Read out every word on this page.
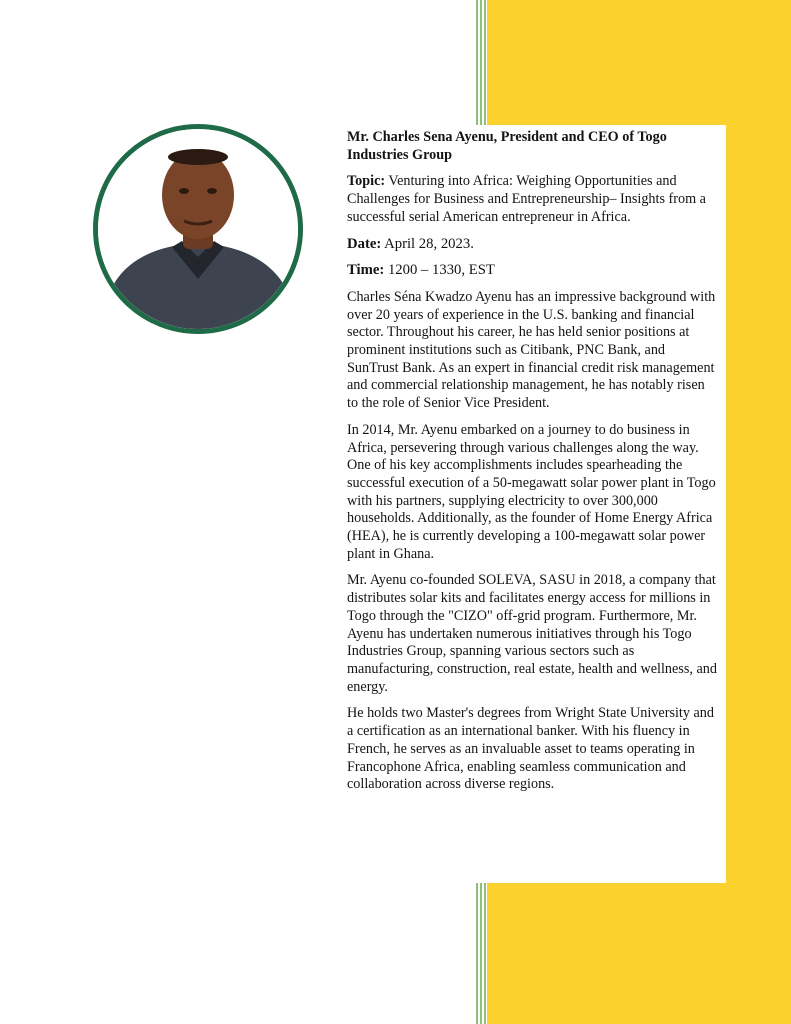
Mr. Charles Sena Ayenu, President and CEO of Togo Industries Group

Topic: Venturing into Africa: Weighing Opportunities and Challenges for Business and Entrepreneurship– Insights from a successful serial American entrepreneur in Africa.

Date: April 28, 2023.

Time: 1200 – 1330, EST

Charles Séna Kwadzo Ayenu has an impressive background with over 20 years of experience in the U.S. banking and financial sector. Throughout his career, he has held senior positions at prominent institutions such as Citibank, PNC Bank, and SunTrust Bank. As an expert in financial credit risk management and commercial relationship management, he has notably risen to the role of Senior Vice President.

In 2014, Mr. Ayenu embarked on a journey to do business in Africa, persevering through various challenges along the way. One of his key accomplishments includes spearheading the successful execution of a 50-megawatt solar power plant in Togo with his partners, supplying electricity to over 300,000 households. Additionally, as the founder of Home Energy Africa (HEA), he is currently developing a 100-megawatt solar power plant in Ghana.

Mr. Ayenu co-founded SOLEVA, SASU in 2018, a company that distributes solar kits and facilitates energy access for millions in Togo through the "CIZO" off-grid program. Furthermore, Mr. Ayenu has undertaken numerous initiatives through his Togo Industries Group, spanning various sectors such as manufacturing, construction, real estate, health and wellness, and energy.

He holds two Master's degrees from Wright State University and a certification as an international banker. With his fluency in French, he serves as an invaluable asset to teams operating in Francophone Africa, enabling seamless communication and collaboration across diverse regions.
